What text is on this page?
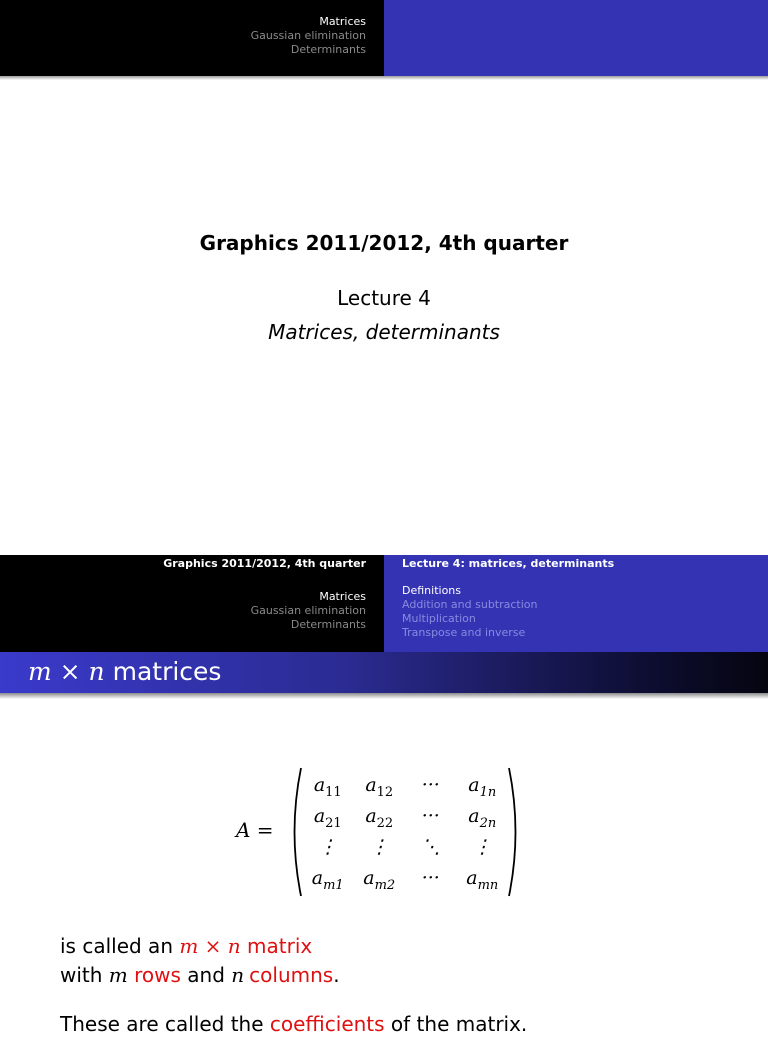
Matrices
Gaussian elimination
Determinants
Graphics 2011/2012, 4th quarter
Lecture 4
Matrices, determinants
Graphics 2011/2012, 4th quarter
Matrices
Gaussian elimination
Determinants
Lecture 4: matrices, determinants
Definitions
Addition and subtraction
Multiplication
Transpose and inverse
m × n matrices
A =
$a_{11}$	$a_{12}$	···	$a_{1n}$
$a_{21}$	$a_{22}$	···	$a_{2n}$
⋮	⋮	⋱	⋮
$a_{m1}$	$a_{m2}$	···	$a_{mn}$
is called an m × n matrix
with m rows and n columns.
These are called the coefficients of the matrix.
